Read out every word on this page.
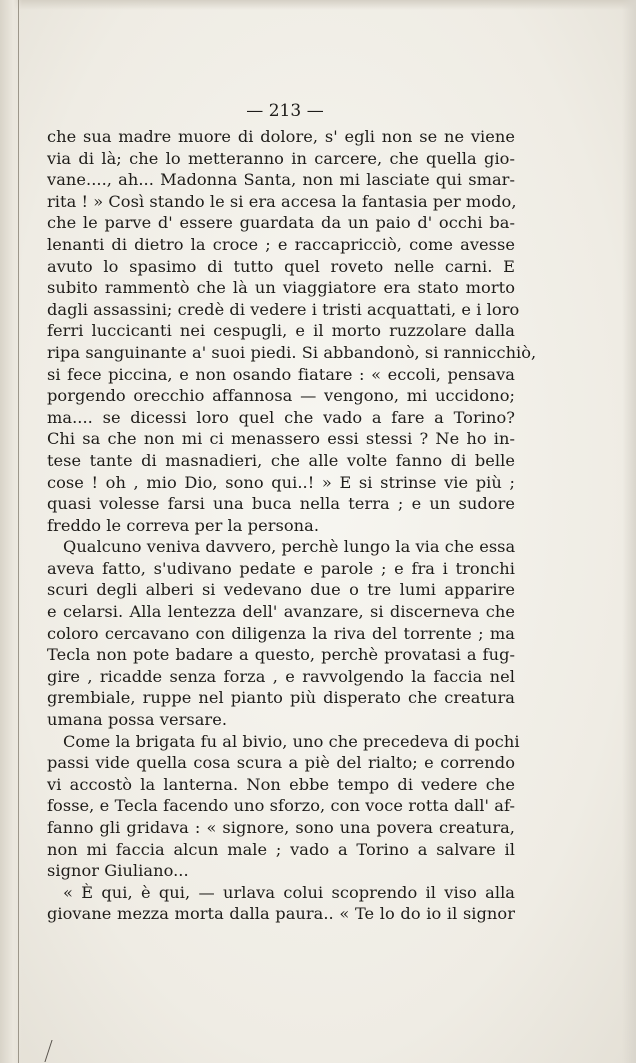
— 213 —
che sua madre muore di dolore, s' egli non se ne viene
via di là; che lo metteranno in carcere, che quella gio-
vane...., ah... Madonna Santa, non mi lasciate qui smar-
rita ! » Così stando le si era accesa la fantasia per modo,
che le parve d' essere guardata da un paio d' occhi ba-
lenanti di dietro la croce ; e raccapricciò, come avesse
avuto lo spasimo di tutto quel roveto nelle carni. E
subito rammentò che là un viaggiatore era stato morto
dagli assassini; credè di vedere i tristi acquattati, e i loro
ferri luccicanti nei cespugli, e il morto ruzzolare dalla
ripa sanguinante a' suoi piedi. Si abbandonò, si rannicchiò,
si fece piccina, e non osando fiatare : « eccoli, pensava
porgendo orecchio affannosa — vengono, mi uccidono;
ma.... se dicessi loro quel che vado a fare a Torino?
Chi sa che non mi ci menassero essi stessi ? Ne ho in-
tese tante di masnadieri, che alle volte fanno di belle
cose ! oh , mio Dio, sono qui..! » E si strinse vie più ;
quasi volesse farsi una buca nella terra ; e un sudore
freddo le correva per la persona.
Qualcuno veniva davvero, perchè lungo la via che essa
aveva fatto, s'udivano pedate e parole ; e fra i tronchi
scuri degli alberi si vedevano due o tre lumi apparire
e celarsi. Alla lentezza dell' avanzare, si discerneva che
coloro cercavano con diligenza la riva del torrente ; ma
Tecla non pote badare a questo, perchè provatasi a fug-
gire , ricadde senza forza , e ravvolgendo la faccia nel
grembiale, ruppe nel pianto più disperato che creatura
umana possa versare.
Come la brigata fu al bivio, uno che precedeva di pochi
passi vide quella cosa scura a piè del rialto; e correndo
vi accostò la lanterna. Non ebbe tempo di vedere che
fosse, e Tecla facendo uno sforzo, con voce rotta dall' af-
fanno gli gridava : « signore, sono una povera creatura,
non mi faccia alcun male ; vado a Torino a salvare il
signor Giuliano...
« È qui, è qui, — urlava colui scoprendo il viso alla
giovane mezza morta dalla paura.. « Te lo do io il signor
